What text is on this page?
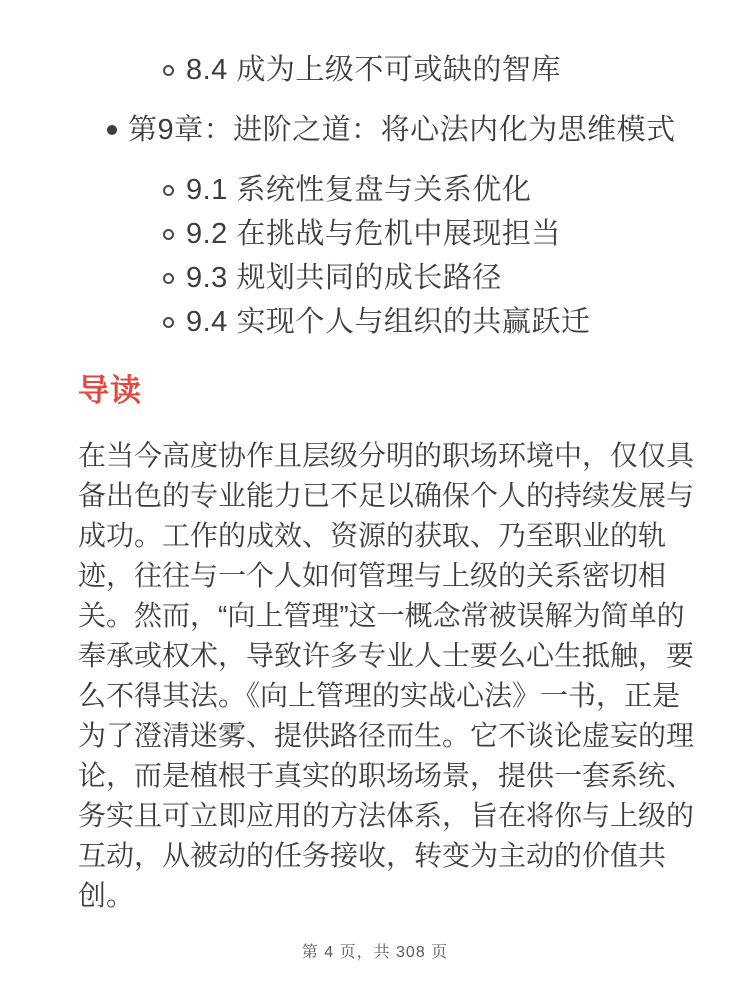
8.4 成为上级不可或缺的智库
第9章：进阶之道：将心法内化为思维模式
9.1 系统性复盘与关系优化
9.2 在挑战与危机中展现担当
9.3 规划共同的成长路径
9.4 实现个人与组织的共赢跃迁
导读

在当今高度协作且层级分明的职场环境中，仅仅具备出色的专业能力已不足以确保个人的持续发展与成功。工作的成效、资源的获取、乃至职业的轨迹，往往与一个人如何管理与上级的关系密切相关。然而，“向上管理”这一概念常被误解为简单的奉承或权术，导致许多专业人士要么心生抵触，要么不得其法。《向上管理的实战心法》一书，正是为了澄清迷雾、提供路径而生。它不谈论虚妄的理论，而是植根于真实的职场场景，提供一套系统、务实且可立即应用的方法体系，旨在将你与上级的互动，从被动的任务接收，转变为主动的价值共创。

第 4 页，共 308 页
